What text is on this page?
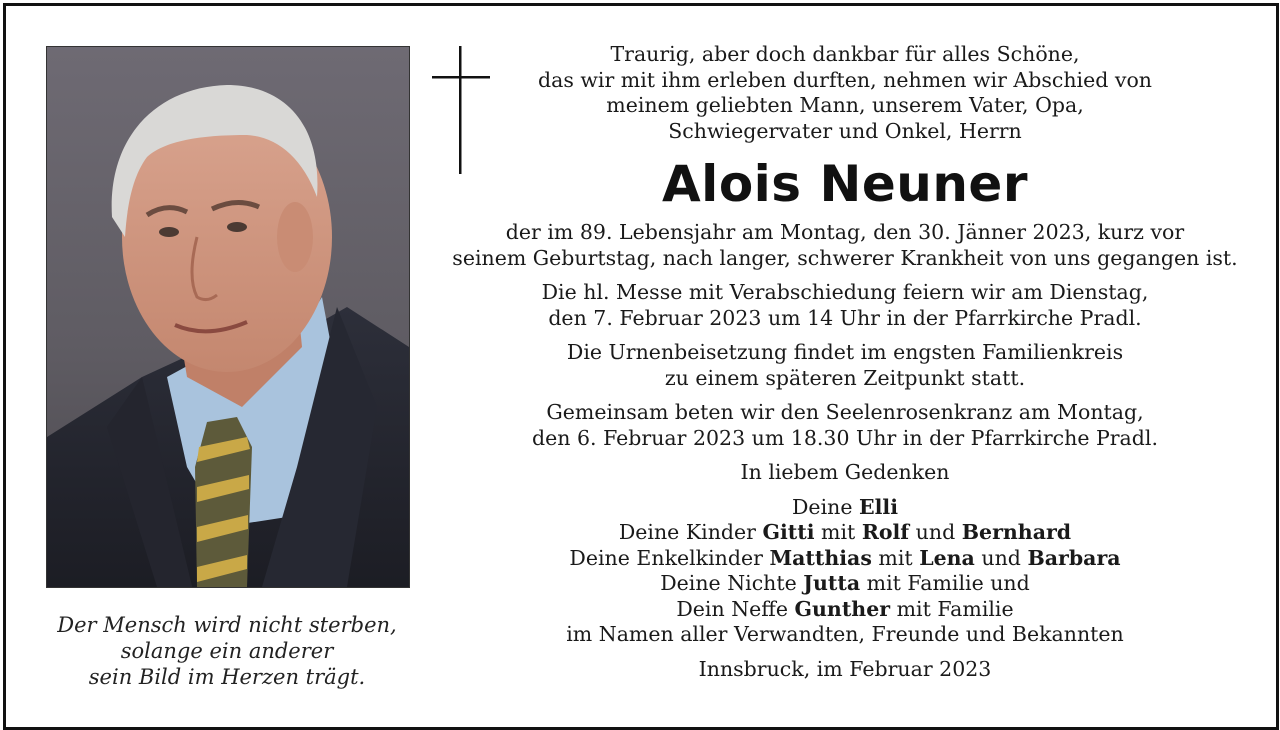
Der Mensch wird nicht sterben,
solange ein anderer
sein Bild im Herzen trägt.
Traurig, aber doch dankbar für alles Schöne,
das wir mit ihm erleben durften, nehmen wir Abschied von
meinem geliebten Mann, unserem Vater, Opa,
Schwiegervater und Onkel, Herrn
Alois Neuner
der im 89. Lebensjahr am Montag, den 30. Jänner 2023, kurz vor
seinem Geburtstag, nach langer, schwerer Krankheit von uns gegangen ist.
Die hl. Messe mit Verabschiedung feiern wir am Dienstag,
den 7. Februar 2023 um 14 Uhr in der Pfarrkirche Pradl.
Die Urnenbeisetzung findet im engsten Familienkreis
zu einem späteren Zeitpunkt statt.
Gemeinsam beten wir den Seelenrosenkranz am Montag,
den 6. Februar 2023 um 18.30 Uhr in der Pfarrkirche Pradl.
In liebem Gedenken
Deine Elli
Deine Kinder Gitti mit Rolf und Bernhard
Deine Enkelkinder Matthias mit Lena und Barbara
Deine Nichte Jutta mit Familie und
Dein Neffe Gunther mit Familie
im Namen aller Verwandten, Freunde und Bekannten
Innsbruck, im Februar 2023
